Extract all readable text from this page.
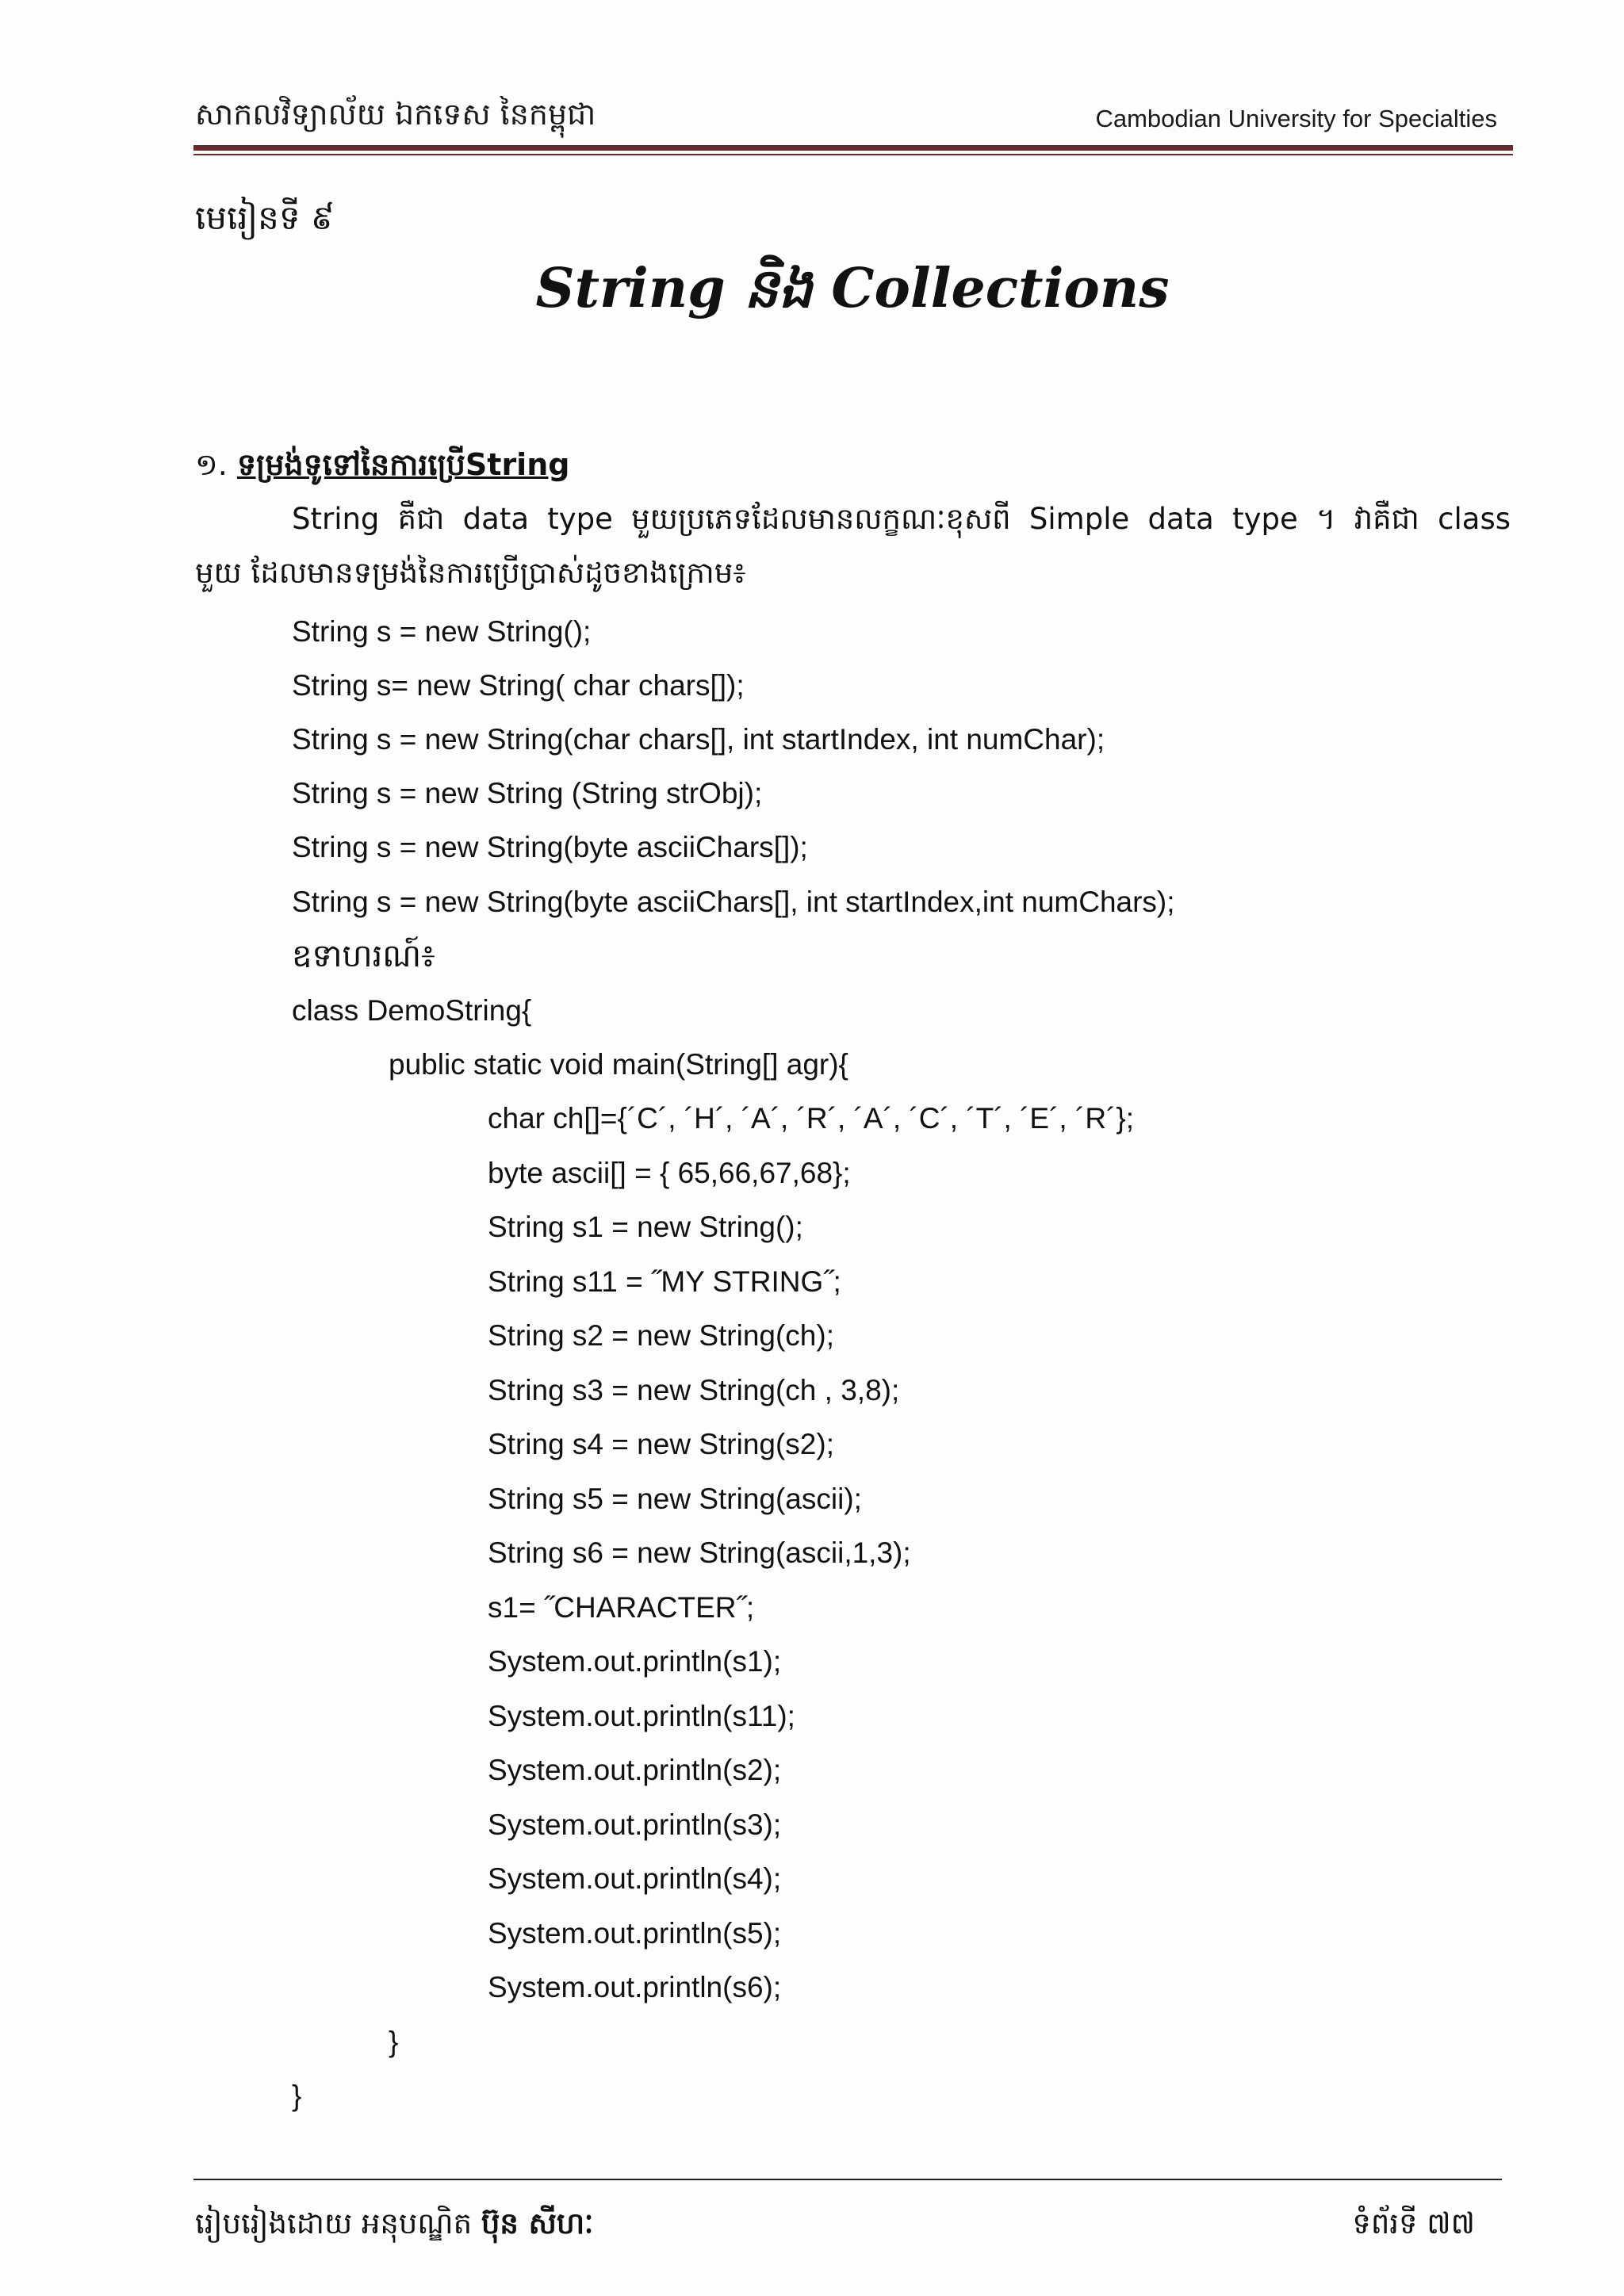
សាកលវិទ្យាល័យ ឯកទេស នៃកម្ពុជា	Cambodian University for Specialties
មេរៀនទី ៩
String និង Collections
១. ទម្រង់ទូទៅនៃការប្រើString
String គឺជា data type មួយប្រភេទដែលមានលក្ខណៈខុសពី Simple data type ។ វាគឺជា class
មួយ ដែលមានទម្រង់នៃការប្រើប្រាស់ដូចខាងក្រោម៖
String s = new String();
String s= new String( char chars[]);
String s = new String(char chars[], int startIndex, int numChar);
String s = new String (String strObj);
String s = new String(byte asciiChars[]);
String s = new String(byte asciiChars[], int startIndex,int numChars);
ឧទាហរណ៍៖
class DemoString{
public static void main(String[] agr){
char ch[]={´C´, ´H´, ´A´, ´R´, ´A´, ´C´, ´T´, ´E´, ´R´};
byte ascii[] = { 65,66,67,68};
String s1 = new String();
String s11 = ˝MY STRING˝;
String s2 = new String(ch);
String s3 = new String(ch , 3,8);
String s4 = new String(s2);
String s5 = new String(ascii);
String s6 = new String(ascii,1,3);
s1= ˝CHARACTER˝;
System.out.println(s1);
System.out.println(s11);
System.out.println(s2);
System.out.println(s3);
System.out.println(s4);
System.out.println(s5);
System.out.println(s6);
}
}
រៀបរៀងដោយ អនុបណ្ឌិត ប៊ុន សីហៈ	ទំព័រទី ៧៧
